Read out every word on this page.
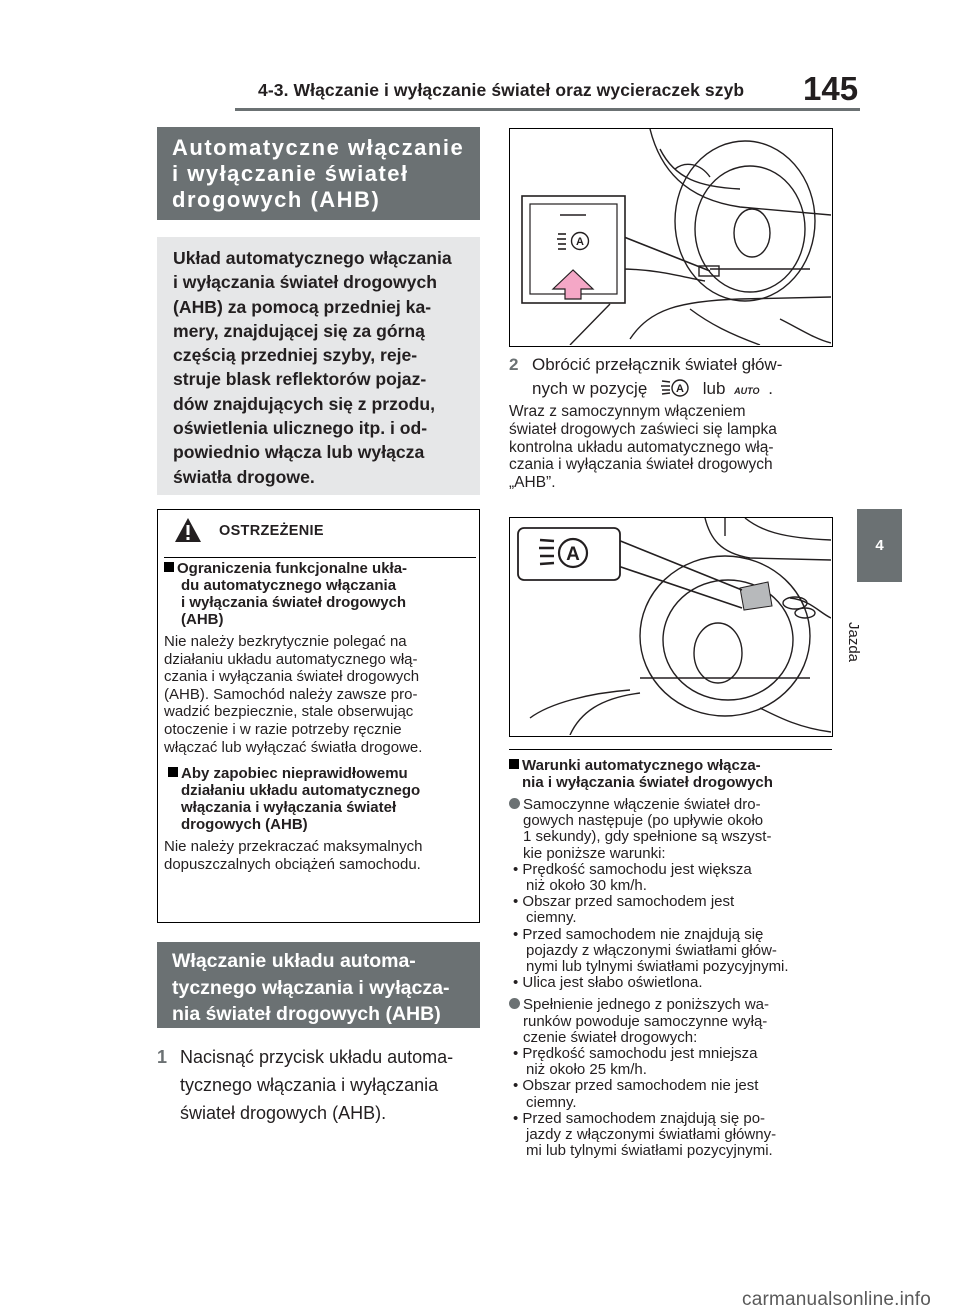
4-3. Włączanie i wyłączanie świateł oraz wycieraczek szyb 145
4
Jazda
Automatyczne włączanie
i wyłączanie świateł
drogowych (AHB)
Układ automatycznego włączania
i wyłączania świateł drogowych
(AHB) za pomocą przedniej ka-
mery, znajdującej się za górną
częścią przedniej szyby, reje-
struje blask reflektorów pojaz-
dów znajdujących się z przodu,
oświetlenia ulicznego itp. i od-
powiednio włącza lub wyłącza
światła drogowe.
OSTRZEŻENIE
Ograniczenia funkcjonalne ukła-
du automatycznego włączania
i wyłączania świateł drogowych
(AHB)
Nie należy bezkrytycznie polegać na
działaniu układu automatycznego włą-
czania i wyłączania świateł drogowych
(AHB). Samochód należy zawsze pro-
wadzić bezpiecznie, stale obserwując
otoczenie i w razie potrzeby ręcznie
włączać lub wyłączać światła drogowe.
Aby zapobiec nieprawidłowemu
działaniu układu automatycznego
włączania i wyłączania świateł
drogowych (AHB)
Nie należy przekraczać maksymalnych
dopuszczalnych obciążeń samochodu.
Włączanie układu automa-
tycznego włączania i wyłącza-
nia świateł drogowych (AHB)
1 Nacisnąć przycisk układu automa-
tycznego włączania i wyłączania
świateł drogowych (AHB).
A
2 Obrócić przełącznik świateł głów-
nych w pozycję	A lub AUTO .
Wraz z samoczynnym włączeniem
świateł drogowych zaświeci się lampka
kontrolna układu automatycznego włą-
czania i wyłączania świateł drogowych
„AHB”.
A
Warunki automatycznego włącza-
nia i wyłączania świateł drogowych
Samoczynne włączenie świateł dro-
gowych następuje (po upływie około
1 sekundy), gdy spełnione są wszyst-
kie poniższe warunki:
• Prędkość samochodu jest większa
niż około 30 km/h.
• Obszar przed samochodem jest
ciemny.
• Przed samochodem nie znajdują się
pojazdy z włączonymi światłami głów-
nymi lub tylnymi światłami pozycyjnymi.
• Ulica jest słabo oświetlona.
Spełnienie jednego z poniższych wa-
runków powoduje samoczynne wyłą-
czenie świateł drogowych:
• Prędkość samochodu jest mniejsza
niż około 25 km/h.
• Obszar przed samochodem nie jest
ciemny.
• Przed samochodem znajdują się po-
jazdy z włączonymi światłami główny-
mi lub tylnymi światłami pozycyjnymi.
carmanualsonline.info
